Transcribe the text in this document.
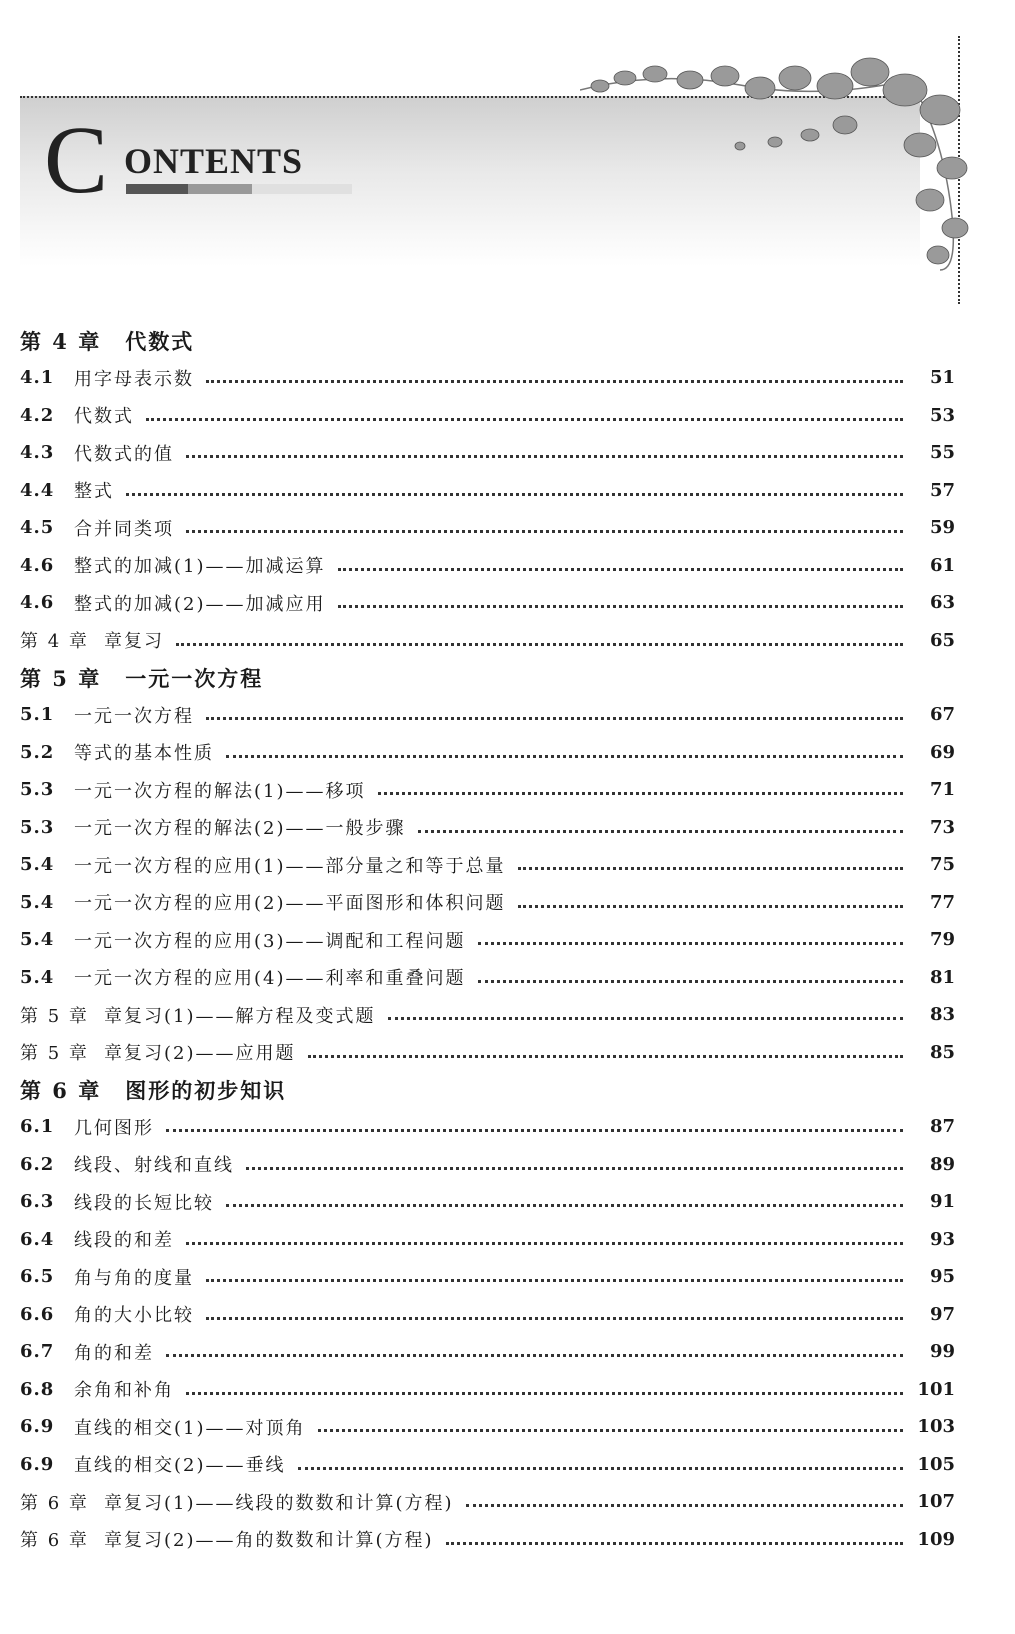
C ONTENTS
第 4 章 代数式
4.1	用字母表示数	51
4.2	代数式	53
4.3	代数式的值	55
4.4	整式	57
4.5	合并同类项	59
4.6	整式的加减(1)——加减运算	61
4.6	整式的加减(2)——加减应用	63
第 4 章 章复习	65
第 5 章 一元一次方程
5.1	一元一次方程	67
5.2	等式的基本性质	69
5.3	一元一次方程的解法(1)——移项	71
5.3	一元一次方程的解法(2)——一般步骤	73
5.4	一元一次方程的应用(1)——部分量之和等于总量	75
5.4	一元一次方程的应用(2)——平面图形和体积问题	77
5.4	一元一次方程的应用(3)——调配和工程问题	79
5.4	一元一次方程的应用(4)——利率和重叠问题	81
第 5 章 章复习(1)——解方程及变式题	83
第 5 章 章复习(2)——应用题	85
第 6 章 图形的初步知识
6.1	几何图形	87
6.2	线段、射线和直线	89
6.3	线段的长短比较	91
6.4	线段的和差	93
6.5	角与角的度量	95
6.6	角的大小比较	97
6.7	角的和差	99
6.8	余角和补角	101
6.9	直线的相交(1)——对顶角	103
6.9	直线的相交(2)——垂线	105
第 6 章 章复习(1)——线段的数数和计算(方程)	107
第 6 章 章复习(2)——角的数数和计算(方程)	109
